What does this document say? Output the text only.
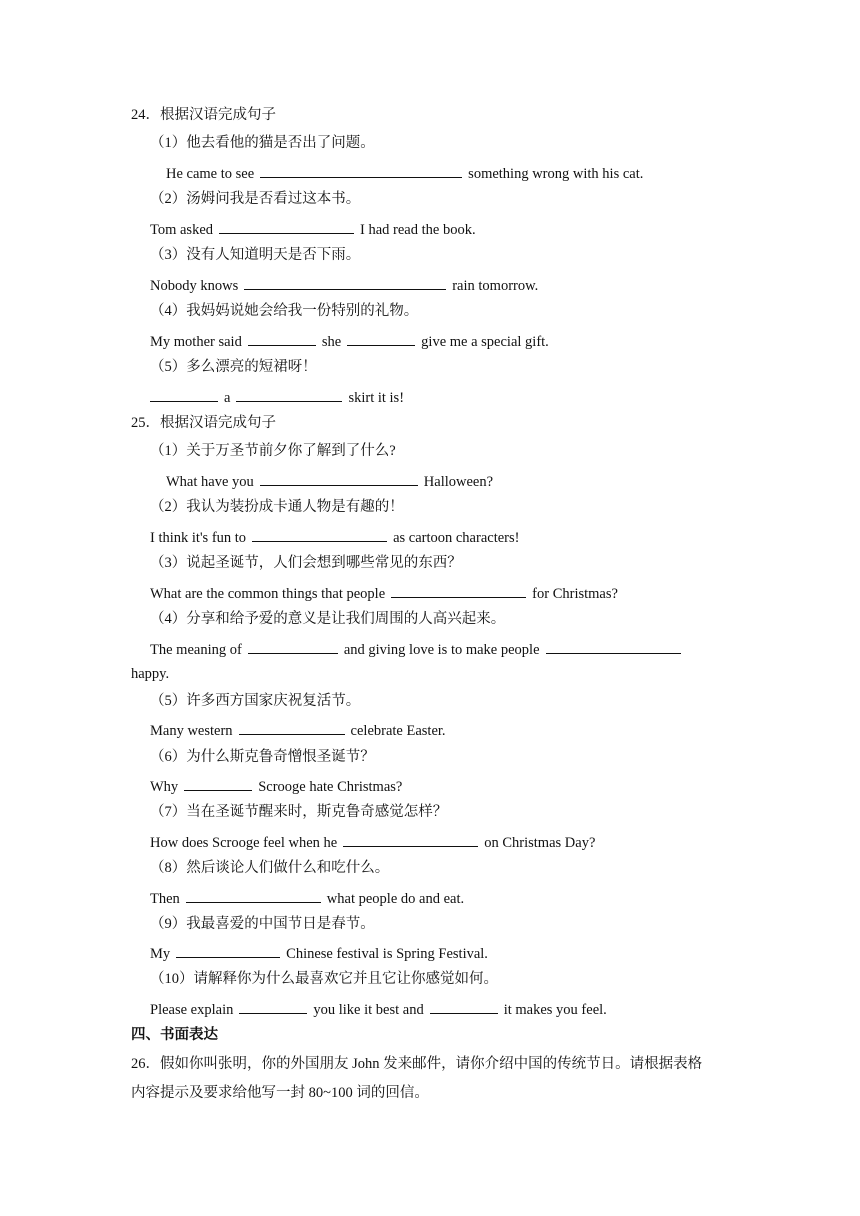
24．根据汉语完成句子
（1）他去看他的猫是否出了问题。
He came to see	something wrong with his cat.
（2）汤姆问我是否看过这本书。
Tom asked	I had read the book.
（3）没有人知道明天是否下雨。
Nobody knows	rain tomorrow.
（4）我妈妈说她会给我一份特别的礼物。
My mother said	she	give me a special gift.
（5）多么漂亮的短裙呀！
a	skirt it is!
25．根据汉语完成句子
（1）关于万圣节前夕你了解到了什么?
What have you	Halloween?
（2）我认为装扮成卡通人物是有趣的！
I think it's fun to	as cartoon characters!
（3）说起圣诞节，人们会想到哪些常见的东西？
What are the common things that people	for Christmas?
（4）分享和给予爱的意义是让我们周围的人高兴起来。
The meaning of	and giving love is to make people
happy.
（5）许多西方国家庆祝复活节。
Many western	celebrate Easter.
（6）为什么斯克鲁奇憎恨圣诞节？
Why	Scrooge hate Christmas?
（7）当在圣诞节醒来时，斯克鲁奇感觉怎样？
How does Scrooge feel when he	on Christmas Day?
（8）然后谈论人们做什么和吃什么。
Then	what people do and eat.
（9）我最喜爱的中国节日是春节。
My	Chinese festival is Spring Festival.
（10）请解释你为什么最喜欢它并且它让你感觉如何。
Please explain	you like it best and	it makes you feel.
四、书面表达
26．假如你叫张明，你的外国朋友 John 发来邮件，请你介绍中国的传统节日。请根据表格
内容提示及要求给他写一封 80~100 词的回信。
